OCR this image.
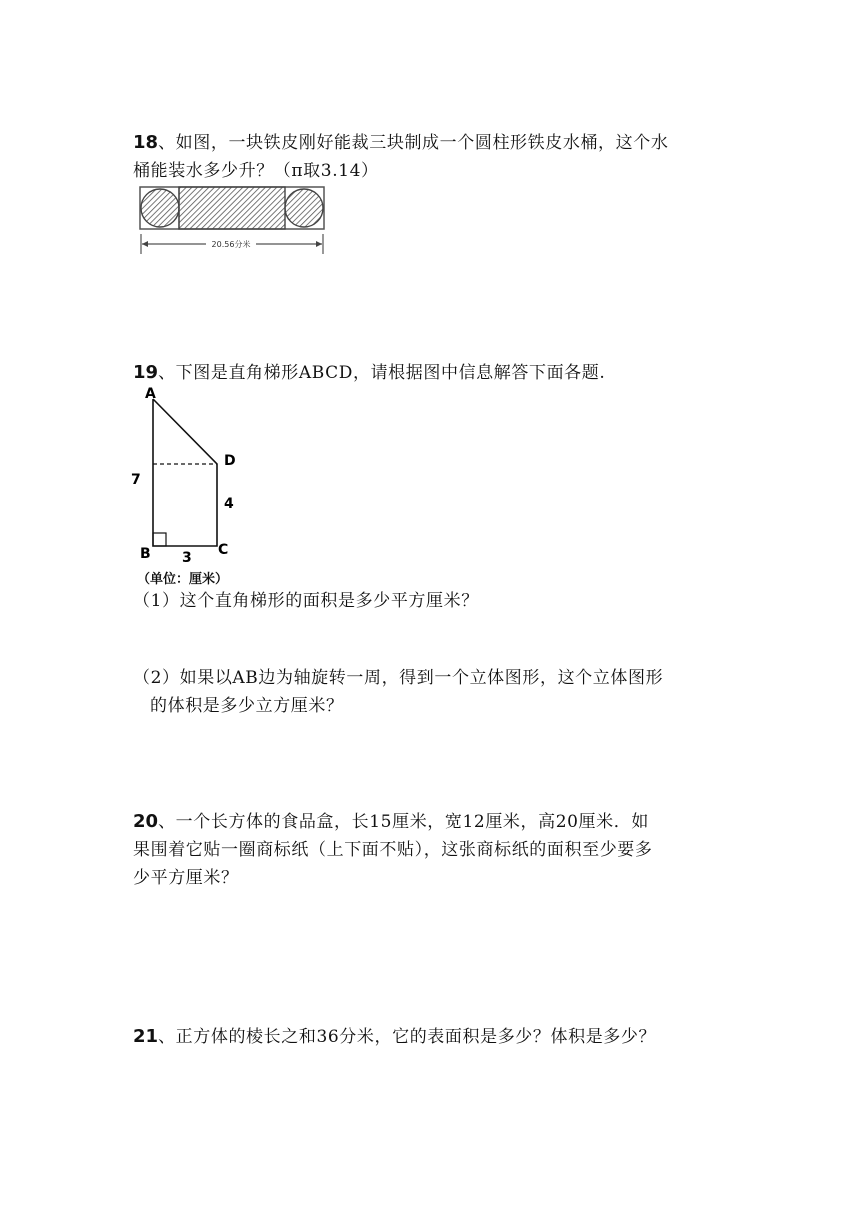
18、如图，一块铁皮刚好能裁三块制成一个圆柱形铁皮水桶，这个水
桶能装水多少升？（π取3.14）
20.56分米
19、下图是直角梯形ABCD，请根据图中信息解答下面各题.
A
D
B	C
7
4
3
（单位：厘米）
（1）这个直角梯形的面积是多少平方厘米？
（2）如果以AB边为轴旋转一周，得到一个立体图形，这个立体图形
的体积是多少立方厘米？
20、一个长方体的食品盒，长15厘米，宽12厘米，高20厘米．如
果围着它贴一圈商标纸（上下面不贴），这张商标纸的面积至少要多
少平方厘米？
21、正方体的棱长之和36分米，它的表面积是多少？体积是多少？
